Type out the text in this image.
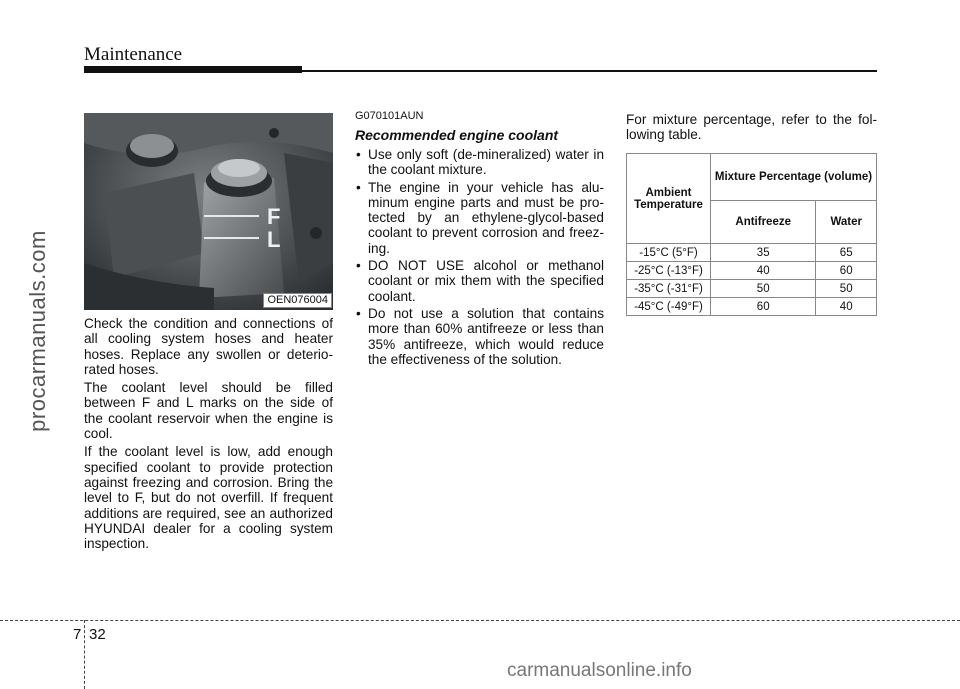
Maintenance
procarmanuals.com
F
L
OEN076004

Check the condition and connections of all cooling system hoses and heater hoses. Replace any swollen or deterio-rated hoses.

The coolant level should be filled between F and L marks on the side of the coolant reservoir when the engine is cool.

If the coolant level is low, add enough specified coolant to provide protection against freezing and corrosion. Bring the level to F, but do not overfill. If frequent additions are required, see an authorized HYUNDAI dealer for a cooling system inspection.

G070101AUN
Recommended engine coolant
• Use only soft (de-mineralized) water in the coolant mixture.
• The engine in your vehicle has alu-minum engine parts and must be pro-tected by an ethylene-glycol-based coolant to prevent corrosion and freez-ing.
• DO NOT USE alcohol or methanol coolant or mix them with the specified coolant.
• Do not use a solution that contains more than 60% antifreeze or less than 35% antifreeze, which would reduce the effectiveness of the solution.

For mixture percentage, refer to the fol-lowing table.

Ambient Temperature	Mixture Percentage (volume)	
	Antifreeze	Water
-15°C (5°F)	35	65
-25°C (-13°F)	40	60
-35°C (-31°F)	50	50
-45°C (-49°F)	60	40
7 32
carmanualsonline.info
